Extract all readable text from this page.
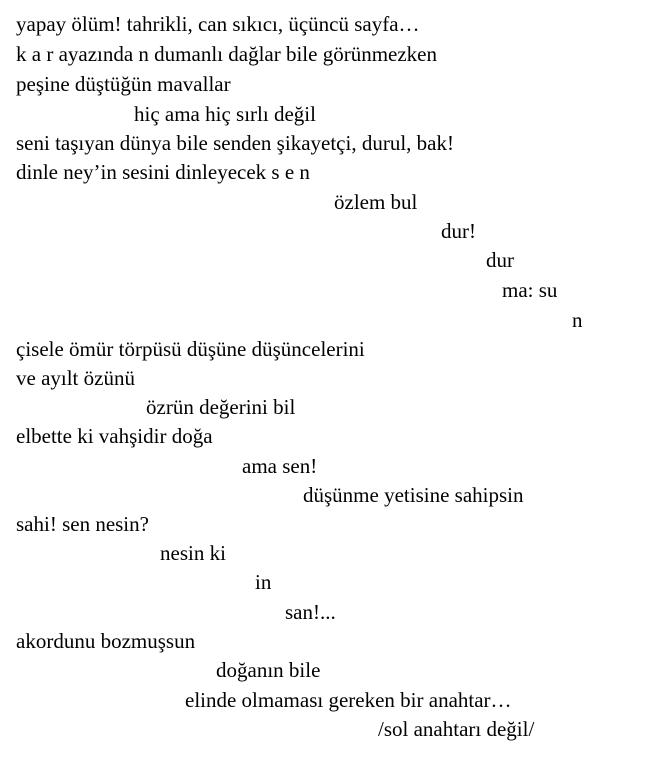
yapay ölüm! tahrikli, can sıkıcı, üçüncü sayfa…
k a r ayazında n dumanlı dağlar bile görünmezken
peşine düştüğün mavallar
hiç ama hiç sırlı değil
seni taşıyan dünya bile senden şikayetçi, durul, bak!
dinle ney’in sesini dinleyecek s e n
özlem bul
dur!
dur
ma: su
n
çisele ömür törpüsü düşüne düşüncelerini
ve ayılt özünü
özrün değerini bil
elbette ki vahşidir doğa
ama sen!
düşünme yetisine sahipsin
sahi! sen nesin?
nesin ki
in
san!...
akordunu bozmuşsun
doğanın bile
elinde olmaması gereken bir anahtar…
/sol anahtarı değil/
